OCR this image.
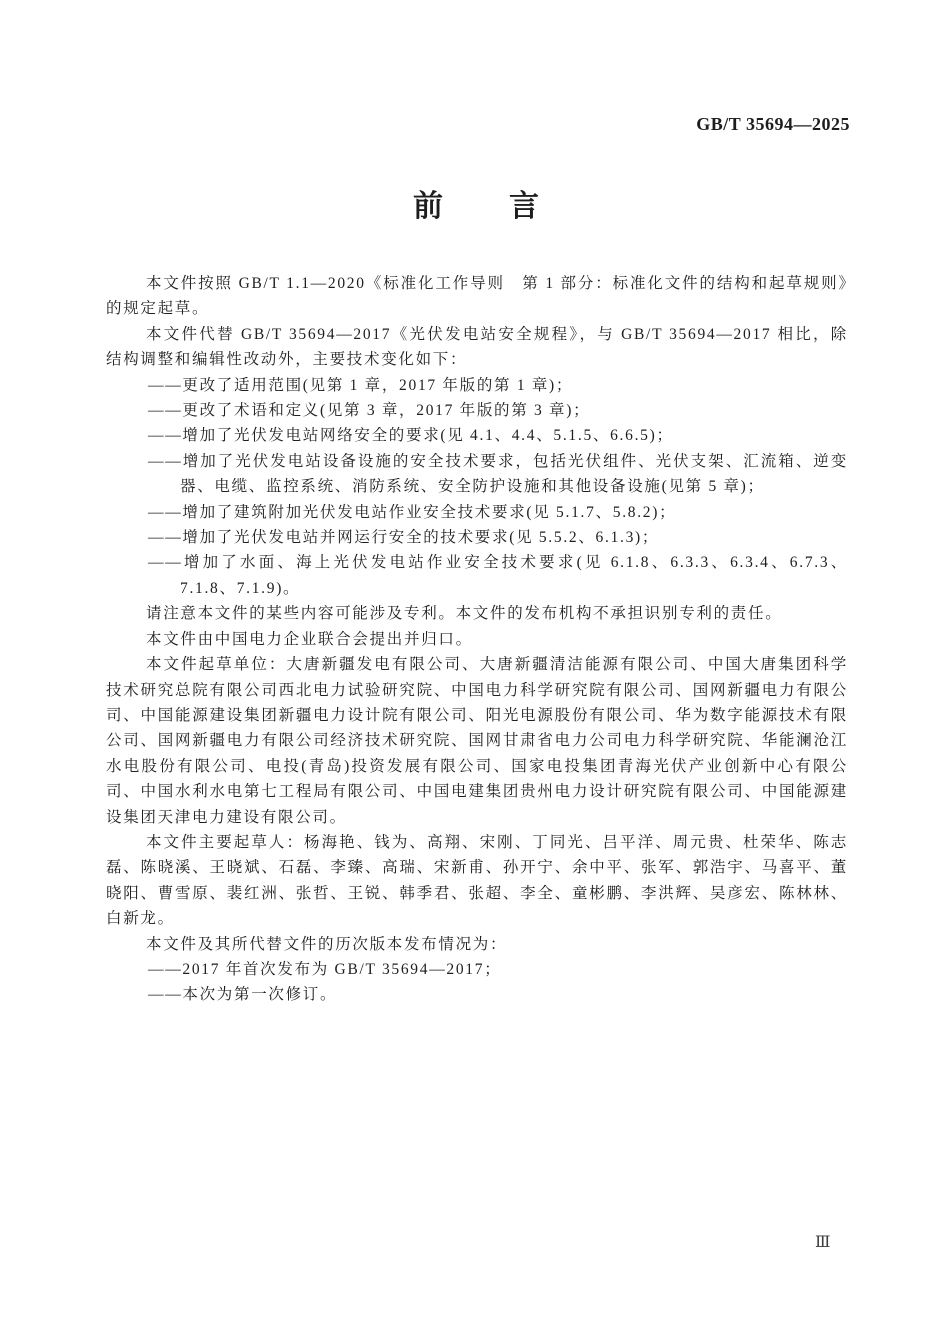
GB/T 35694—2025
前　　言

本文件按照 GB/T 1.1—2020《标准化工作导则　第 1 部分：标准化文件的结构和起草规则》的规定起草。

本文件代替 GB/T 35694—2017《光伏发电站安全规程》，与 GB/T 35694—2017 相比，除结构调整和编辑性改动外，主要技术变化如下：

——更改了适用范围(见第 1 章，2017 年版的第 1 章)；
——更改了术语和定义(见第 3 章，2017 年版的第 3 章)；
——增加了光伏发电站网络安全的要求(见 4.1、4.4、5.1.5、6.6.5)；
——增加了光伏发电站设备设施的安全技术要求，包括光伏组件、光伏支架、汇流箱、逆变器、电缆、监控系统、消防系统、安全防护设施和其他设备设施(见第 5 章)；
——增加了建筑附加光伏发电站作业安全技术要求(见 5.1.7、5.8.2)；
——增加了光伏发电站并网运行安全的技术要求(见 5.5.2、6.1.3)；
——增加了水面、海上光伏发电站作业安全技术要求(见 6.1.8、6.3.3、6.3.4、6.7.3、7.1.8、7.1.9)。

请注意本文件的某些内容可能涉及专利。本文件的发布机构不承担识别专利的责任。

本文件由中国电力企业联合会提出并归口。

本文件起草单位：大唐新疆发电有限公司、大唐新疆清洁能源有限公司、中国大唐集团科学技术研究总院有限公司西北电力试验研究院、中国电力科学研究院有限公司、国网新疆电力有限公司、中国能源建设集团新疆电力设计院有限公司、阳光电源股份有限公司、华为数字能源技术有限公司、国网新疆电力有限公司经济技术研究院、国网甘肃省电力公司电力科学研究院、华能澜沧江水电股份有限公司、电投(青岛)投资发展有限公司、国家电投集团青海光伏产业创新中心有限公司、中国水利水电第七工程局有限公司、中国电建集团贵州电力设计研究院有限公司、中国能源建设集团天津电力建设有限公司。

本文件主要起草人：杨海艳、钱为、高翔、宋刚、丁同光、吕平洋、周元贵、杜荣华、陈志磊、陈晓溪、王晓斌、石磊、李臻、高瑞、宋新甫、孙开宁、余中平、张军、郭浩宇、马喜平、董晓阳、曹雪原、裴红洲、张哲、王锐、韩季君、张超、李全、童彬鹏、李洪辉、吴彦宏、陈林林、白新龙。

本文件及其所代替文件的历次版本发布情况为：

——2017 年首次发布为 GB/T 35694—2017；
——本次为第一次修订。
Ⅲ
